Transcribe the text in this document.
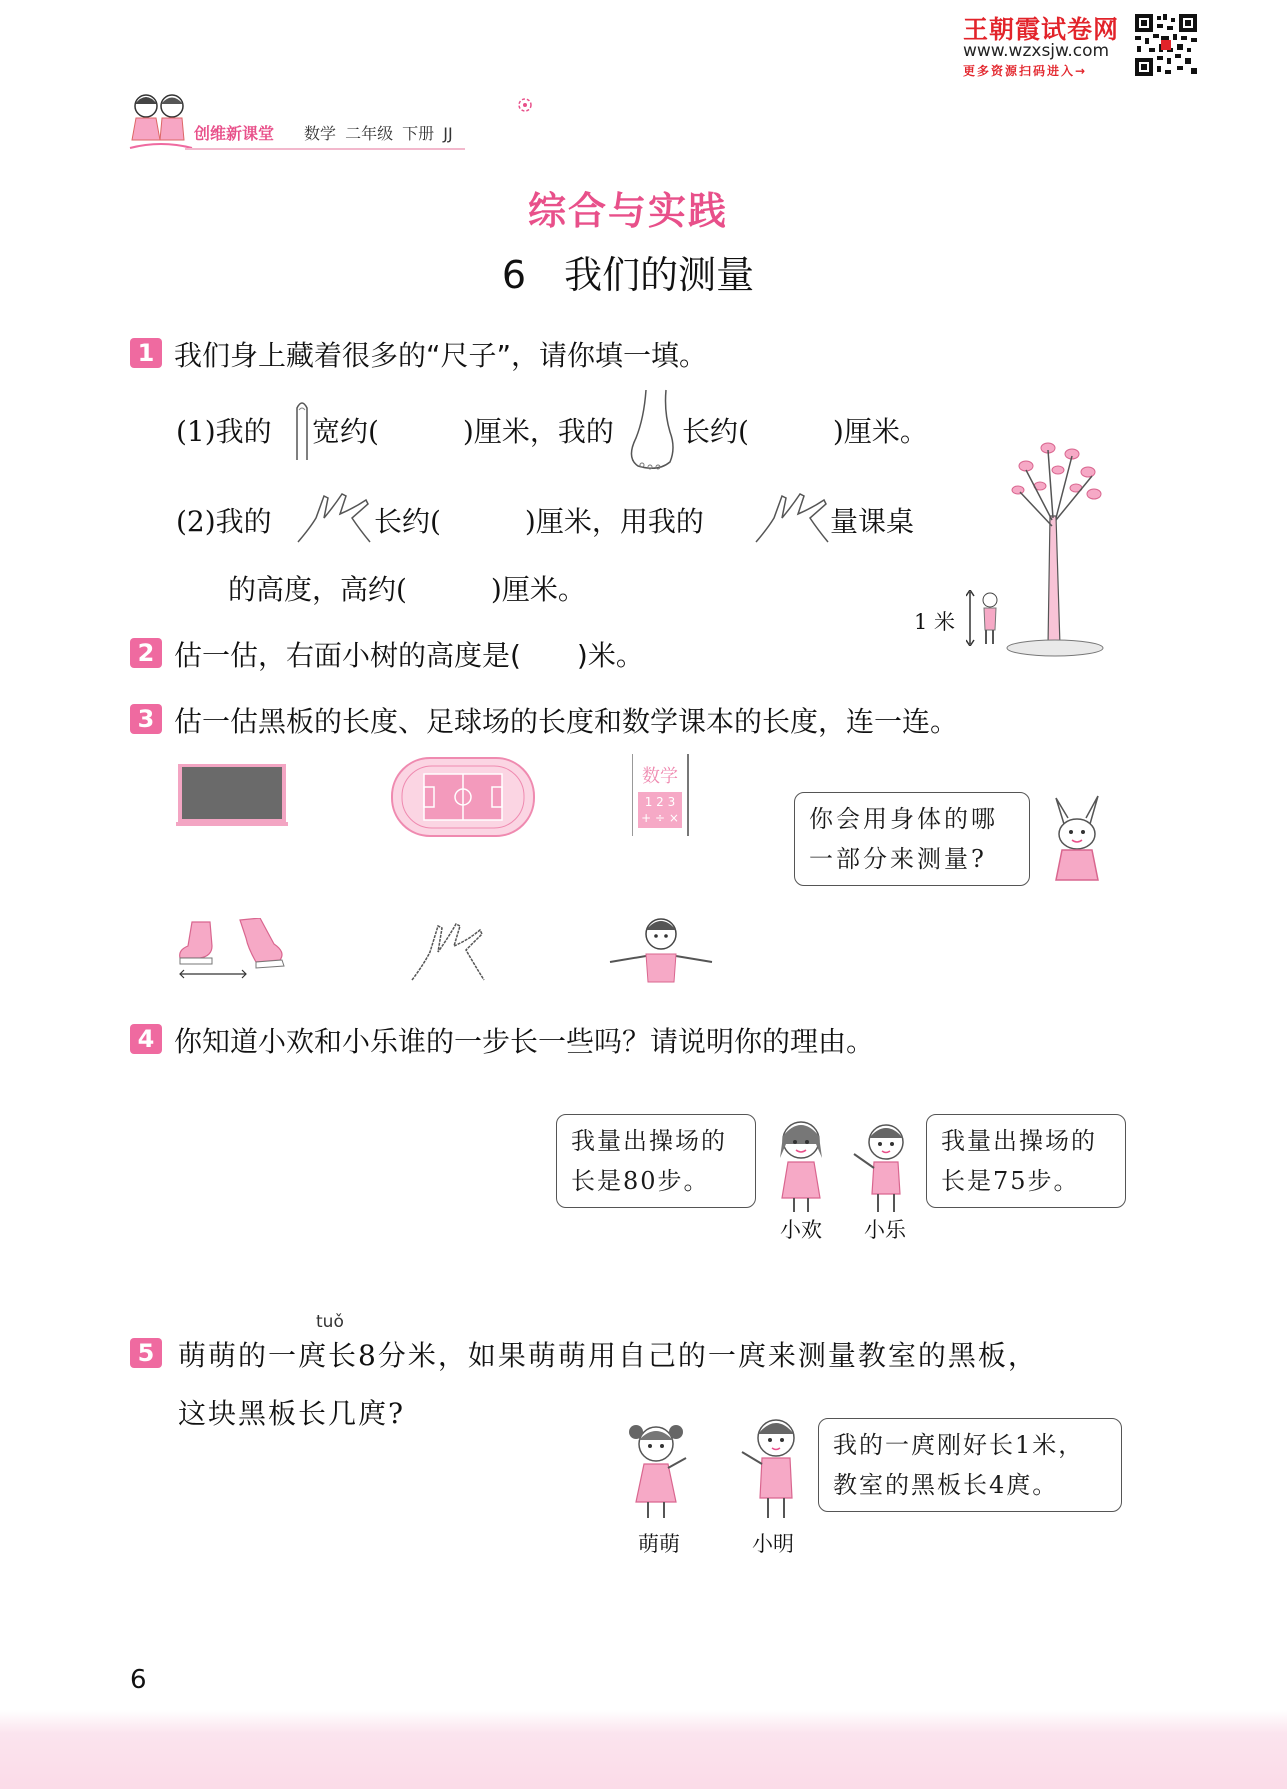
王朝霞试卷网
www.wzxsjw.com
更多资源扫码进入→
创维新课堂 数学 二年级 下册 JJ
综合与实践
6　我们的测量
1 我们身上藏着很多的“尺子”，请你填一填。
(1)我的 宽约(　　　)厘米，我的 长约(　　　)厘米。
(2)我的	长约(　　　)厘米，用我的	量课桌
的高度，高约(　　　)厘米。
1 米
2 估一估，右面小树的高度是(　　)米。
3 估一估黑板的长度、足球场的长度和数学课本的长度，连一连。
数学
1 2 3
+ ÷ ×	你会用身体的哪一部分来测量?
4 你知道小欢和小乐谁的一步长一些吗？请说明你的理由。
我量出操场的长是80步。
我量出操场的长是75步。
小欢 小乐
tuǒ
5 萌萌的一庹长8分米，如果萌萌用自己的一庹来测量教室的黑板，
这块黑板长几庹?
我的一庹刚好长1米，教室的黑板长4庹。
萌萌	小明
6
